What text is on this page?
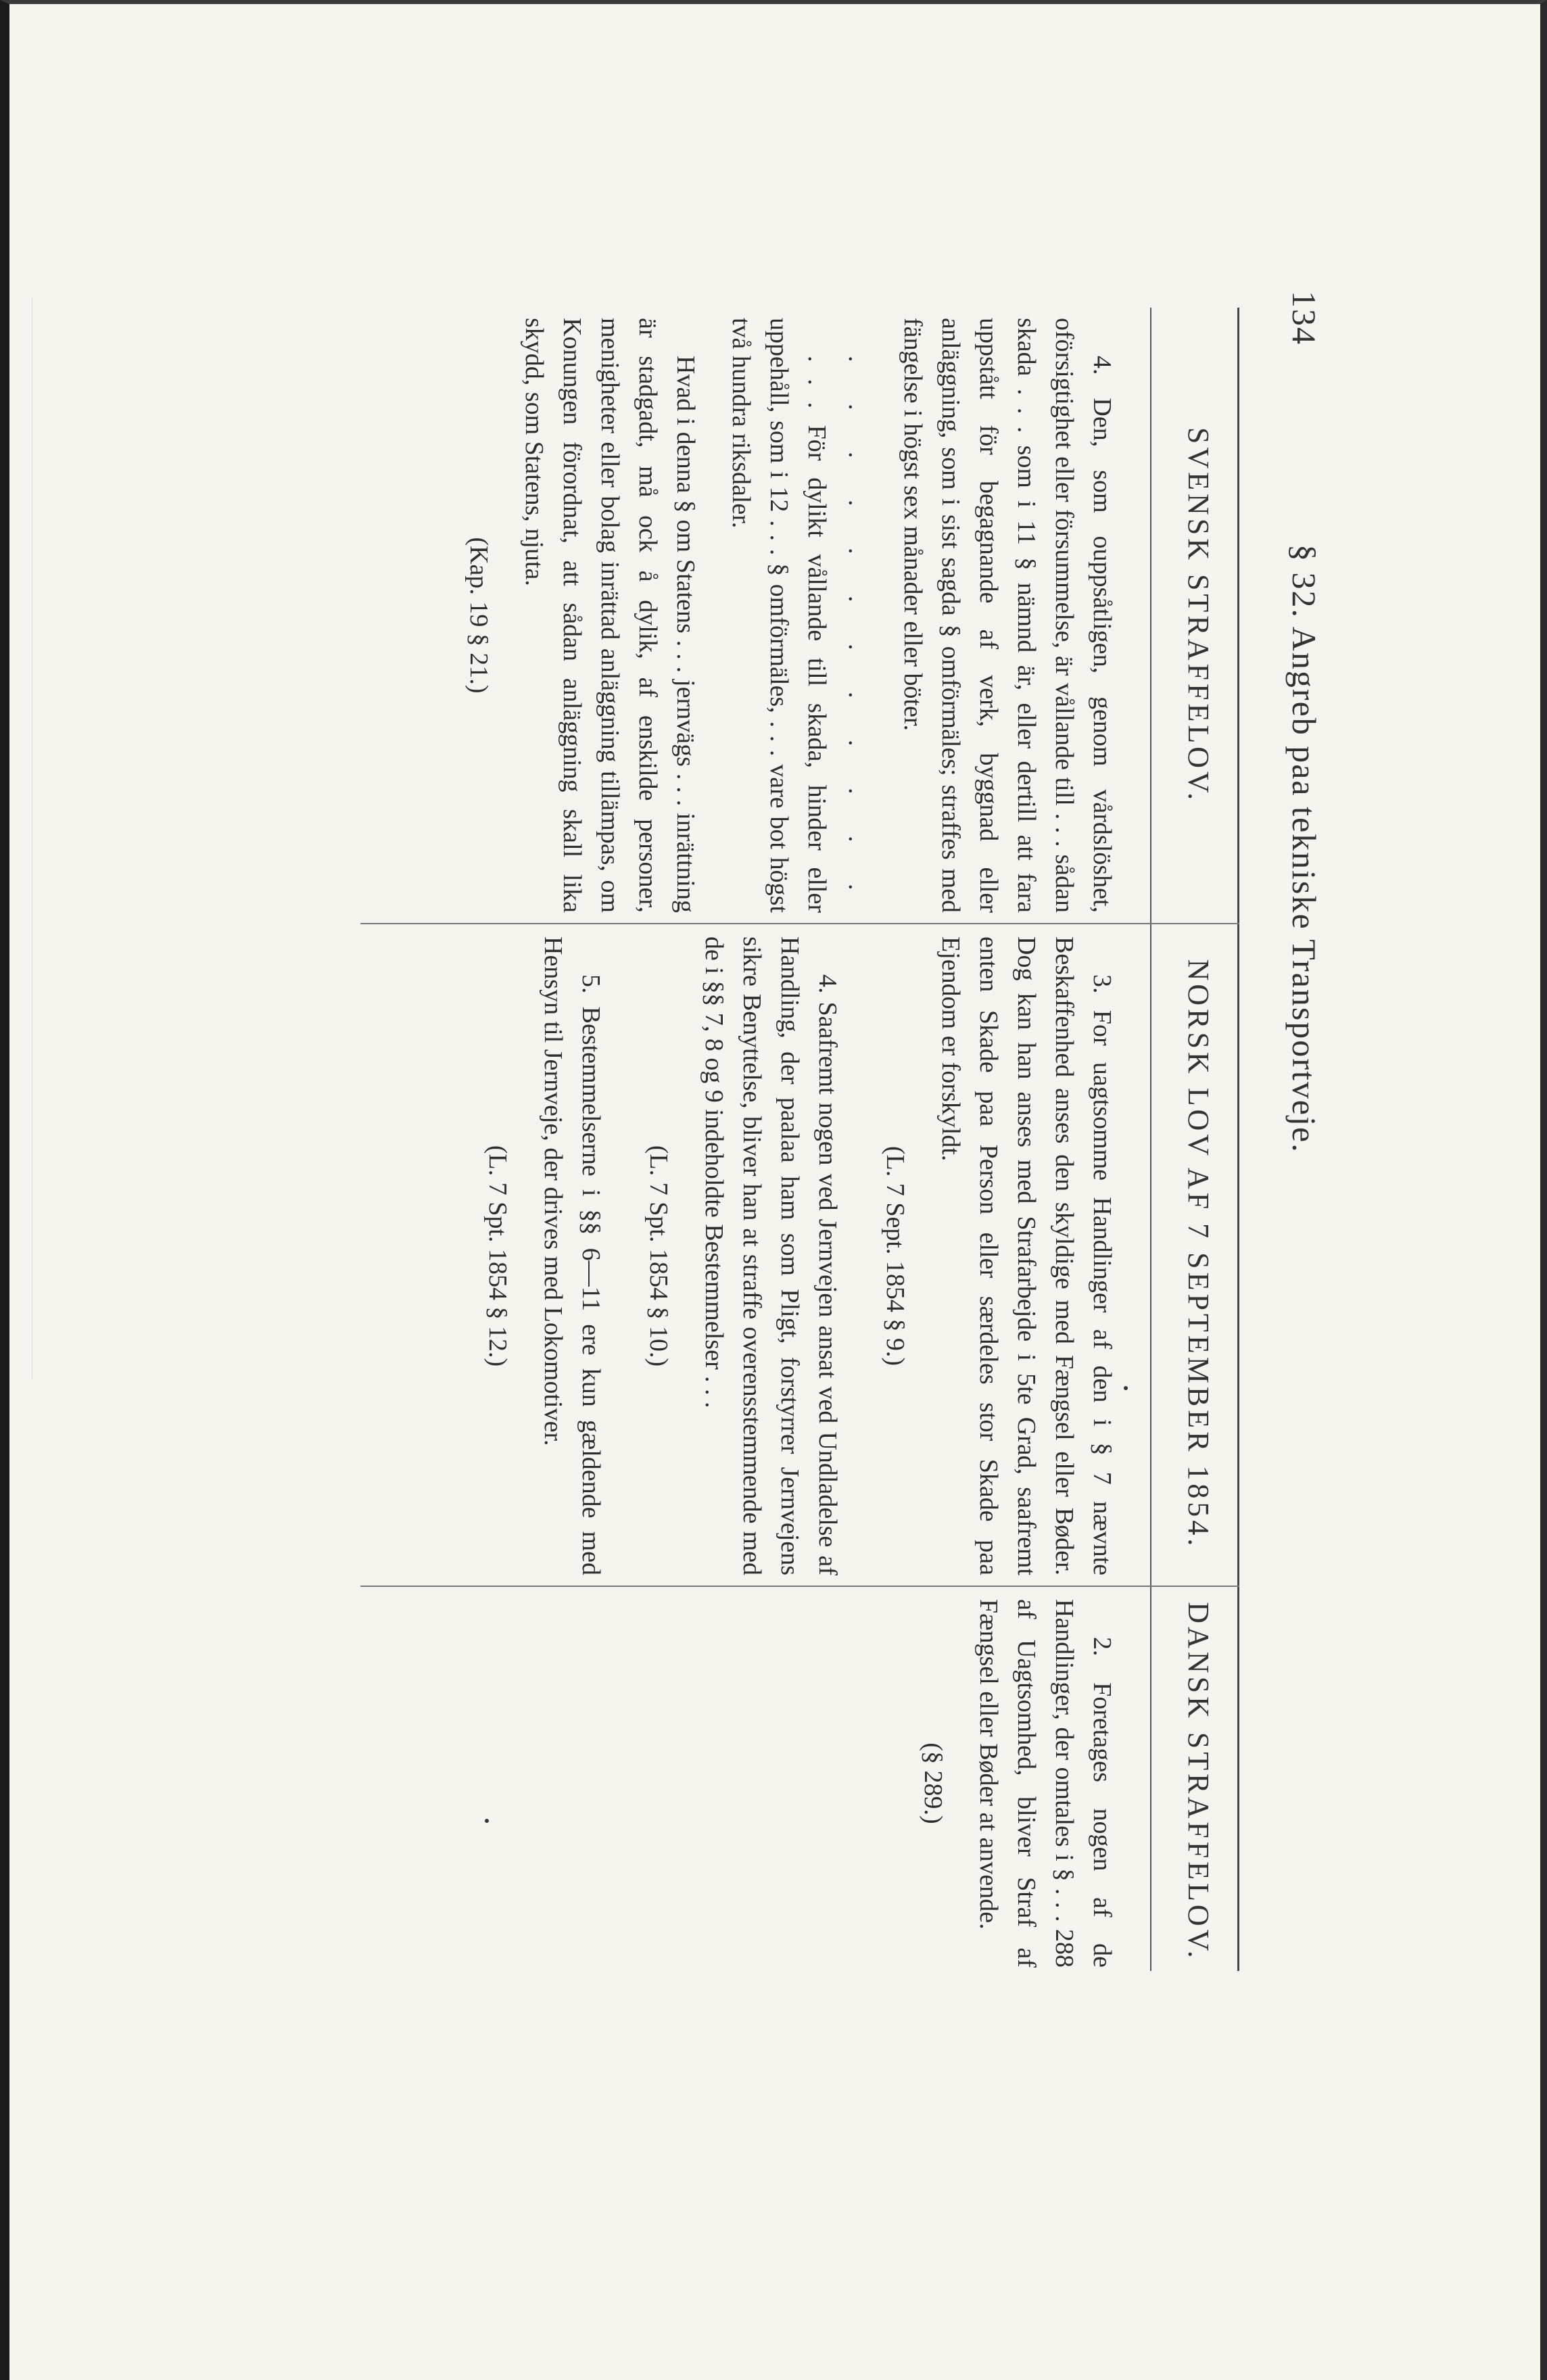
134
§ 32. Angreb paa tekniske Transportveje.
SVENSK STRAFFELOV.
NORSK LOV AF 7 SEPTEMBER 1854.
DANSK STRAFFELOV.

4. Den, som ouppsåtligen, genom vårdslöshet, oförsigtighet eller försummelse, är vållande till . . . sådan skada . . . som i 11 § nämnd är, eller dertill att fara uppstått för begagnande af verk, byggnad eller anläggning, som i sist sagda § omförmäles; straffes med fängelse i högst sex månader eller böter.

. . . . . . . . . . . .

. . . För dylikt vållande till skada, hinder eller uppehåll, som i 12 . . . § omförmäles, . . . vare bot högst två hundra riksdaler.

Hvad i denna § om Statens . . . jernvägs . . . inrättning är stadgadt, må ock å dylik, af enskilde personer, menigheter eller bolag inrättad anläggning tillämpas, om Konungen förordnat, att sådan anläggning skall lika skydd, som Statens, njuta.

(Kap. 19 § 21.)

3. For uagtsomme Handlinger af den i § 7 nævnte Beskaffenhed anses den skyldige med Fængsel eller Bøder. Dog kan han anses med Strafarbejde i 5te Grad, saafremt enten Skade paa Person eller særdeles stor Skade paa Ejendom er forskyldt.

(L. 7 Sept. 1854 § 9.)

4. Saafremt nogen ved Jernvejen ansat ved Undladelse af Handling, der paalaa ham som Pligt, forstyrrer Jernvejens sikre Benyttelse, bliver han at straffe overensstemmende med de i §§ 7, 8 og 9 indeholdte Bestemmelser . . .

(L. 7 Spt. 1854 § 10.)

5. Bestemmelserne i §§ 6—11 ere kun gældende med Hensyn til Jernveje, der drives med Lokomotiver.

(L. 7 Spt. 1854 § 12.)

2. Foretages nogen af de Handlinger, der omtales i § . . . 288 af Uagtsomhed, bliver Straf af Fængsel eller Bøder at anvende.

(§ 289.)
